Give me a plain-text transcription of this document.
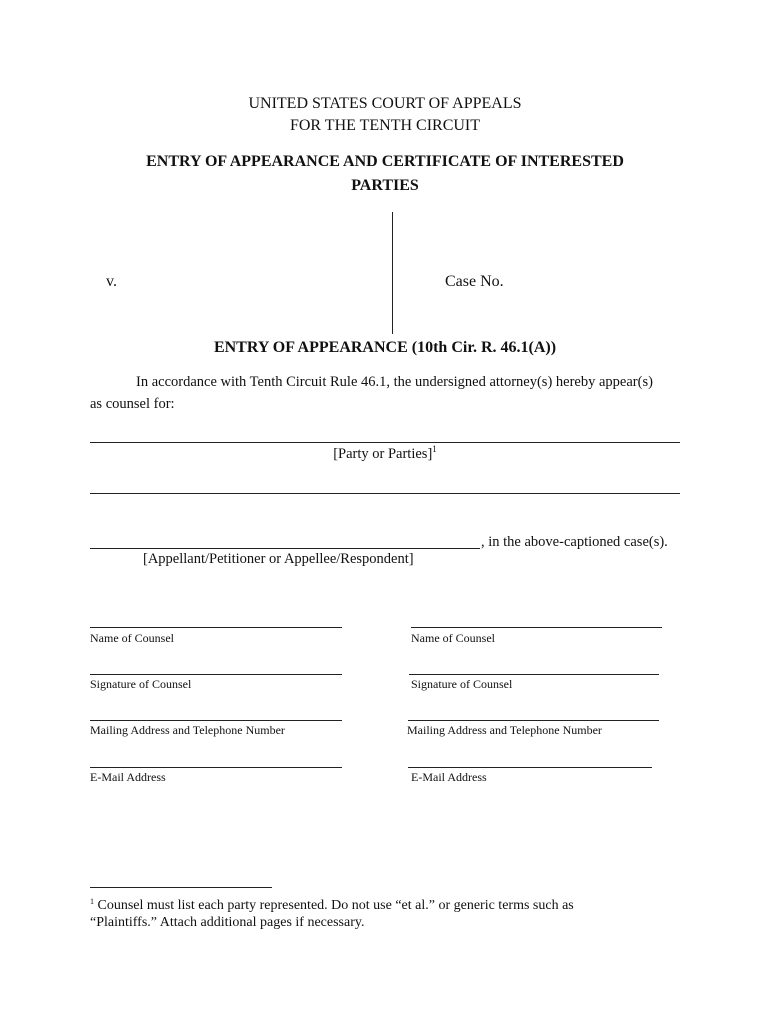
UNITED STATES COURT OF APPEALS
FOR THE TENTH CIRCUIT
ENTRY OF APPEARANCE AND CERTIFICATE OF INTERESTED
PARTIES
v.	Case No.
ENTRY OF APPEARANCE (10th Cir. R. 46.1(A))
In accordance with Tenth Circuit Rule 46.1, the undersigned attorney(s) hereby appear(s)
as counsel for:
[Party or Parties]$^1$
, in the above-captioned case(s).
[Appellant/Petitioner or Appellee/Respondent]
Name of Counsel
Signature of Counsel
Mailing Address and Telephone Number
E-Mail Address
Name of Counsel
Signature of Counsel
Mailing Address and Telephone Number
E-Mail Address
$^1$ Counsel must list each party represented. Do not use “et al.” or generic terms such as
“Plaintiffs.” Attach additional pages if necessary.
